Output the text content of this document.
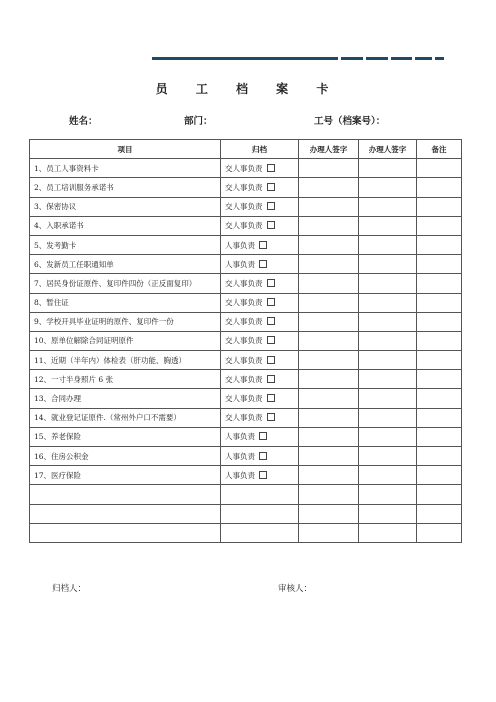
员 工 档 案 卡
姓名：	部门：	工号（档案号）：
项目	归档	办理人签字	办理人签字	备注
1、员工人事资料卡	交人事负责			
2、员工培训服务承诺书	交人事负责			
3、保密协议	交人事负责			
4、入职承诺书	交人事负责			
5、发考勤卡	人事负责			
6、发新员工任职通知单	人事负责			
7、居民身份证原件、复印件四份（正反面复印）	交人事负责			
8、暂住证	交人事负责			
9、学校开具毕业证明的原件、复印件一份	交人事负责			
10、原单位解除合同证明原件	交人事负责			
11、近期（半年内）体检表（肝功能、胸透）	交人事负责			
12、一寸半身照片 6 张	交人事负责			
13、合同办理	交人事负责			
14、就业登记证原件.（常州外户口不需要）	交人事负责			
15、养老保险	人事负责			
16、住房公积金	人事负责			
17、医疗保险	人事负责			

归档人：	审核人：
